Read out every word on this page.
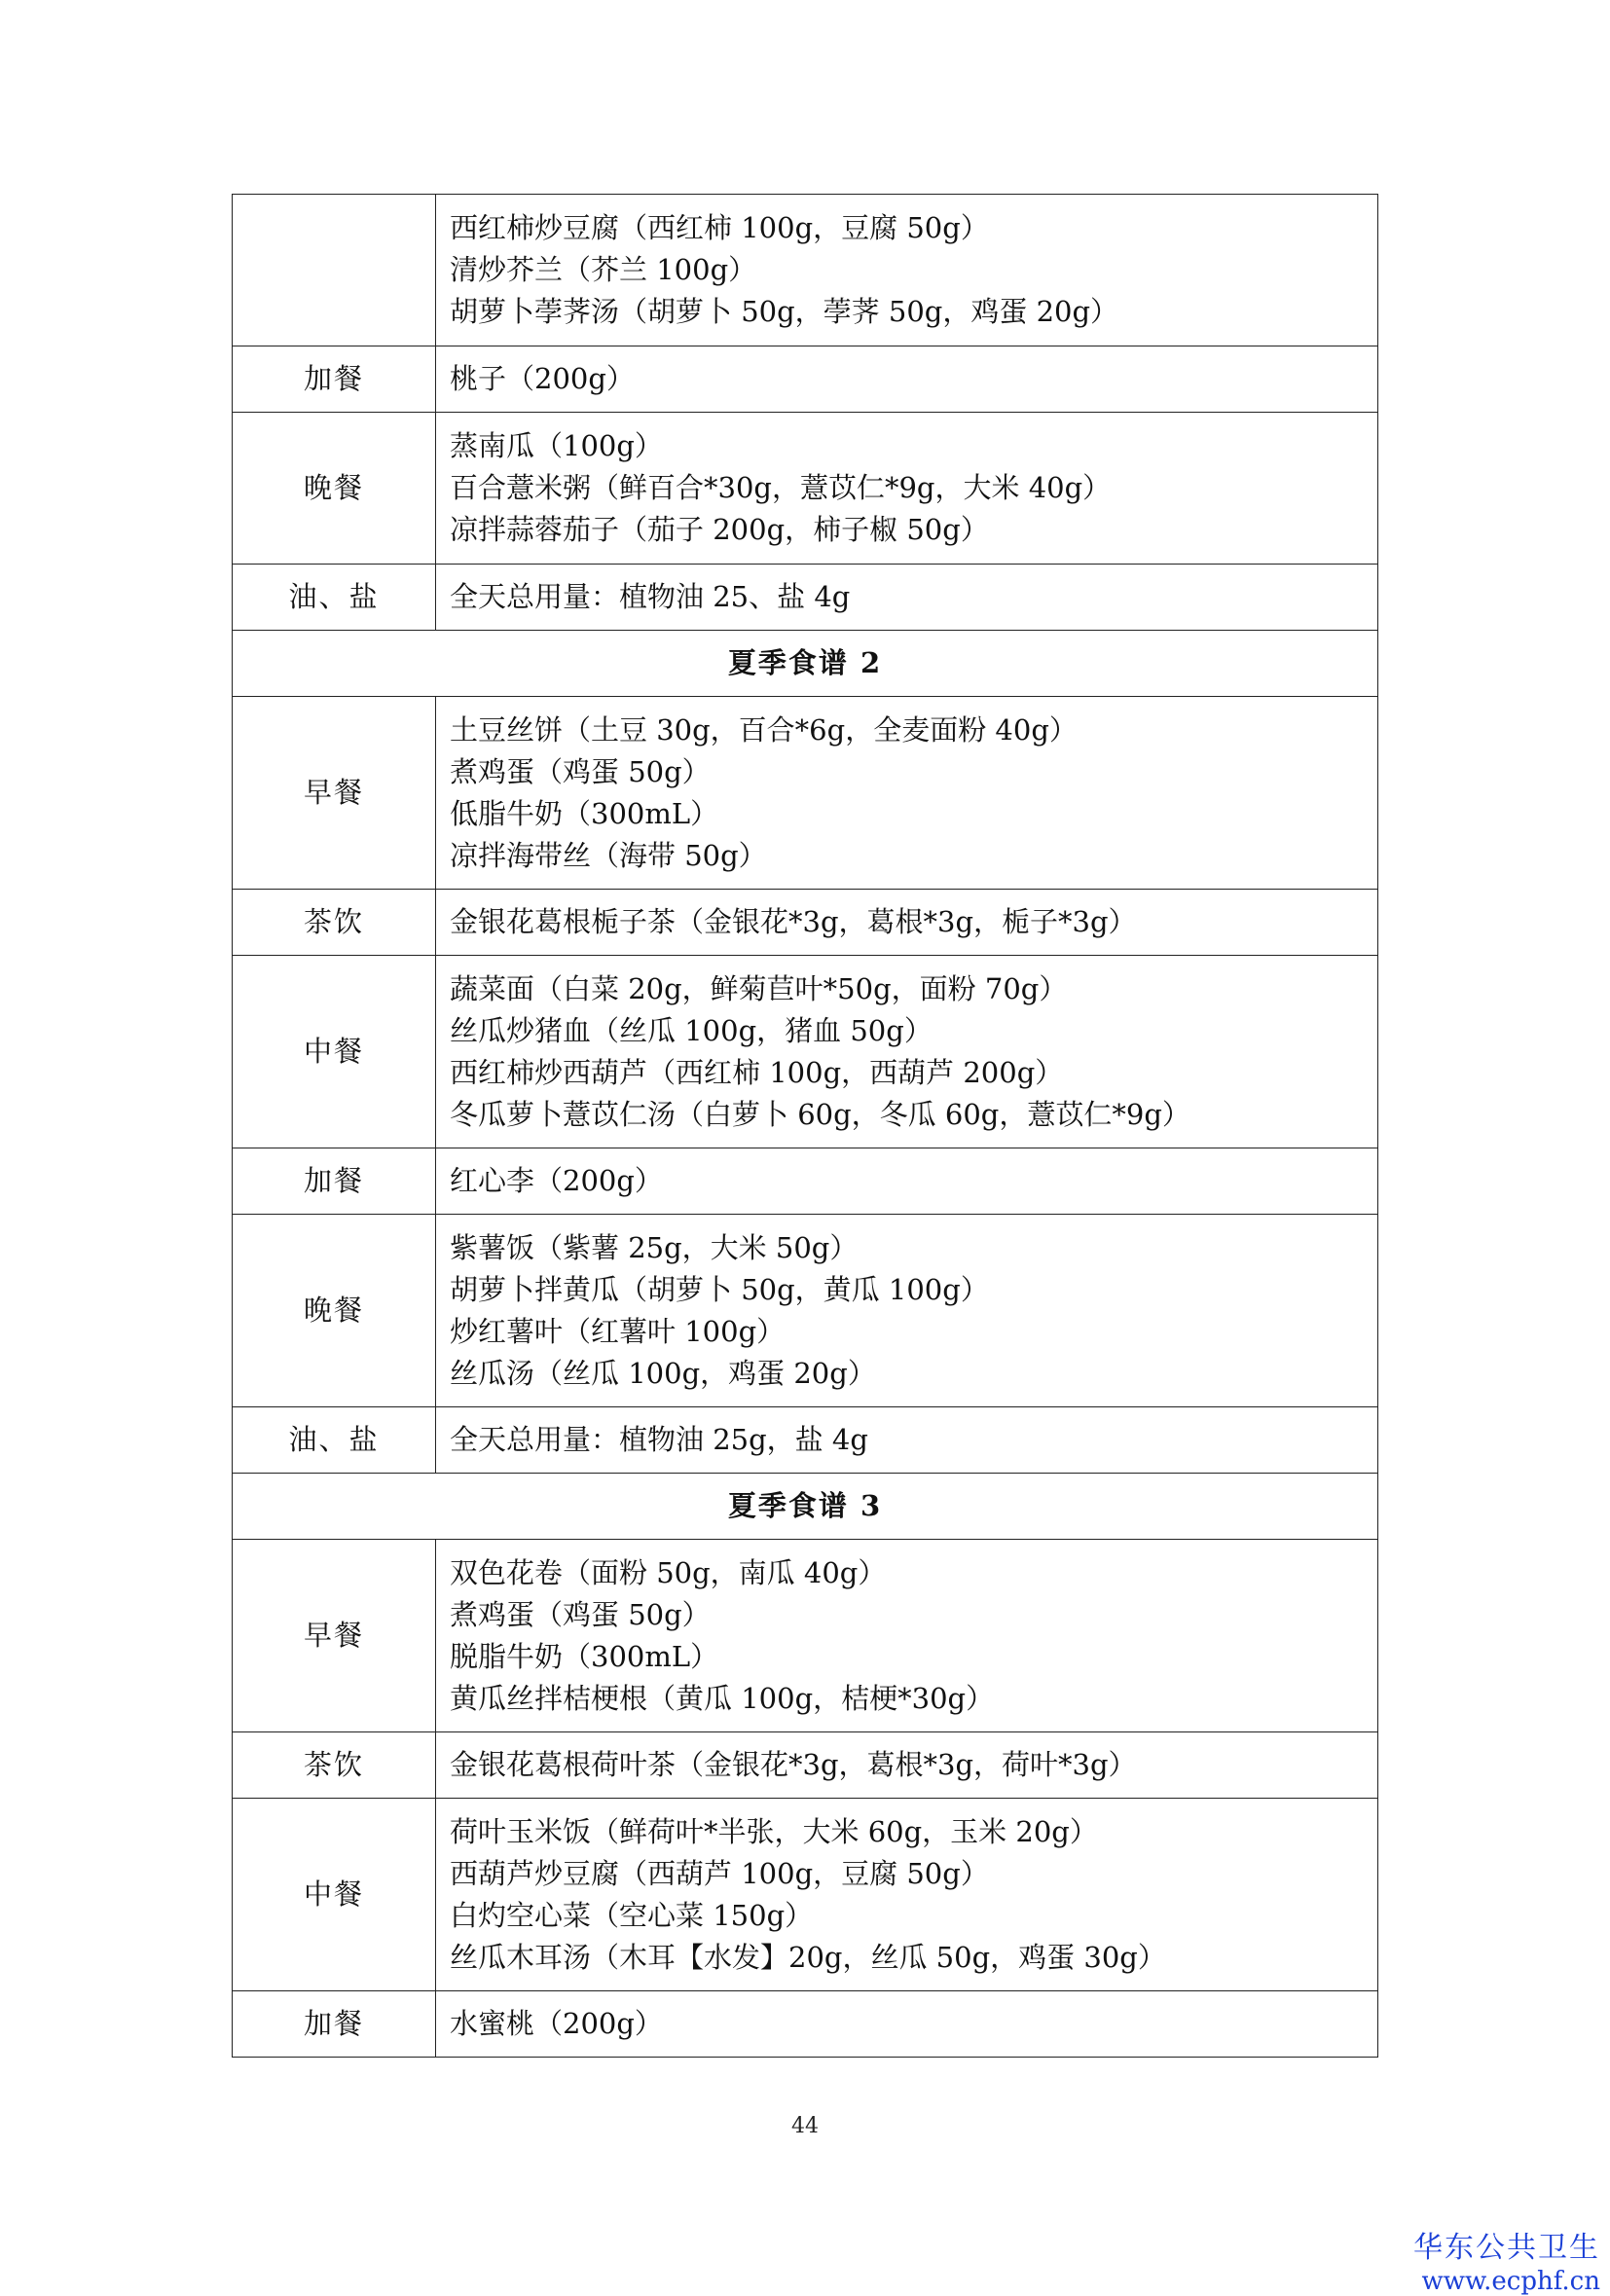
	西红柿炒豆腐（西红柿 100g，豆腐 50g）
清炒芥兰（芥兰 100g）
胡萝卜荸荠汤（胡萝卜 50g，荸荠 50g，鸡蛋 20g）

加餐	桃子（200g）

晚餐	蒸南瓜（100g）
百合薏米粥（鲜百合*30g，薏苡仁*9g，大米 40g）
凉拌蒜蓉茄子（茄子 200g，柿子椒 50g）

油、盐	全天总用量：植物油 25、盐 4g

夏季食谱 2	
早餐	土豆丝饼（土豆 30g，百合*6g，全麦面粉 40g）
煮鸡蛋（鸡蛋 50g）
低脂牛奶（300mL）
凉拌海带丝（海带 50g）

茶饮	金银花葛根栀子茶（金银花*3g，葛根*3g，栀子*3g）

中餐	蔬菜面（白菜 20g，鲜菊苣叶*50g，面粉 70g）
丝瓜炒猪血（丝瓜 100g，猪血 50g）
西红柿炒西葫芦（西红柿 100g，西葫芦 200g）
冬瓜萝卜薏苡仁汤（白萝卜 60g，冬瓜 60g，薏苡仁*9g）

加餐	红心李（200g）

晚餐	紫薯饭（紫薯 25g，大米 50g）
胡萝卜拌黄瓜（胡萝卜 50g，黄瓜 100g）
炒红薯叶（红薯叶 100g）
丝瓜汤（丝瓜 100g，鸡蛋 20g）

油、盐	全天总用量：植物油 25g，盐 4g

夏季食谱 3	
早餐	双色花卷（面粉 50g，南瓜 40g）
煮鸡蛋（鸡蛋 50g）
脱脂牛奶（300mL）
黄瓜丝拌桔梗根（黄瓜 100g，桔梗*30g）

茶饮	金银花葛根荷叶茶（金银花*3g，葛根*3g，荷叶*3g）

中餐	荷叶玉米饭（鲜荷叶*半张，大米 60g，玉米 20g）
西葫芦炒豆腐（西葫芦 100g，豆腐 50g）
白灼空心菜（空心菜 150g）
丝瓜木耳汤（木耳【水发】20g，丝瓜 50g，鸡蛋 30g）

加餐	水蜜桃（200g）
44
华东公共卫生
www.ecphf.cn
